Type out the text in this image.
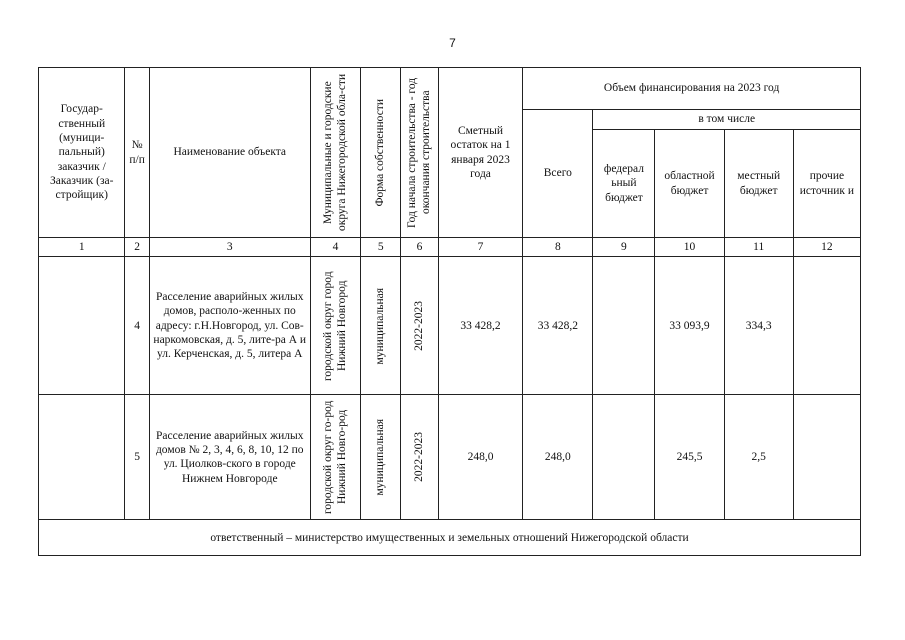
7
Государ-ственный (муници-пальный) заказчик / Заказчик (за-стройщик)	№ п/п	Наименование объекта	Муниципальные и городские округа Нижегородской обла-сти	Форма собственности	Год начала строительства - год окончания строительства	Сметный остаток на 1 января 2023 года	Объем финансирования на 2023 год				
							Всего	в том числе			
								федерал ьный бюджет	областной бюджет	местный бюджет	прочие источник и
1	2	3	4	5	6	7	8	9	10	11	12
	4	Расселение аварийных жилых домов, располо-женных по адресу: г.Н.Новгород, ул. Сов-наркомовская, д. 5, лите-ра А и ул. Керченская, д. 5, литера А	городской округ город Нижний Новгород	муниципальная	2022-2023	33 428,2	33 428,2		33 093,9	334,3	
	5	Расселение аварийных жилых домов № 2, 3, 4, 6, 8, 10, 12 по ул. Циолков-ского в городе Нижнем Новгороде	городской округ го-род Нижний Новго-род	муниципальная	2022-2023	248,0	248,0		245,5	2,5	
ответственный – министерство имущественных и земельных отношений Нижегородской области											
